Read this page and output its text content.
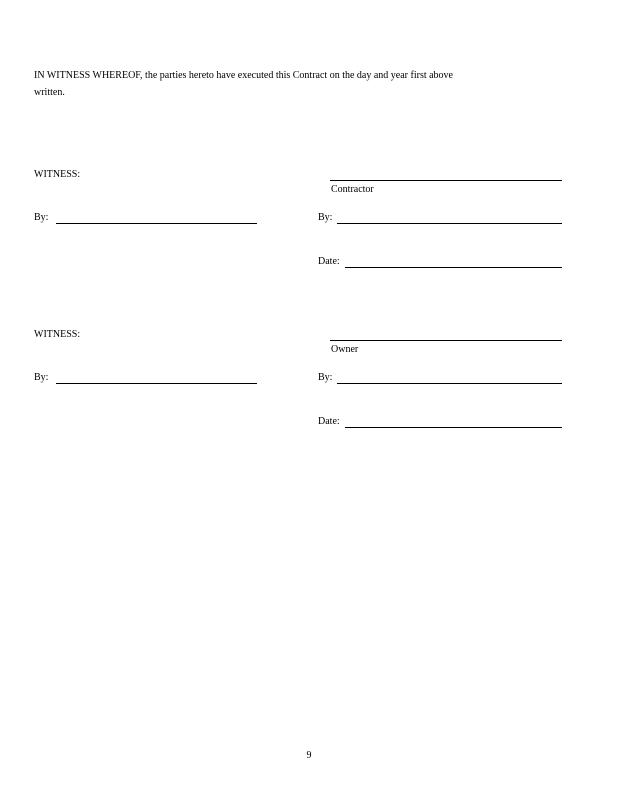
IN WITNESS WHEREOF, the parties hereto have executed this Contract on the day and year first above written.

WITNESS:
Contractor
By:	By:
Date:
WITNESS:
Owner
By:	By:
Date:
9
